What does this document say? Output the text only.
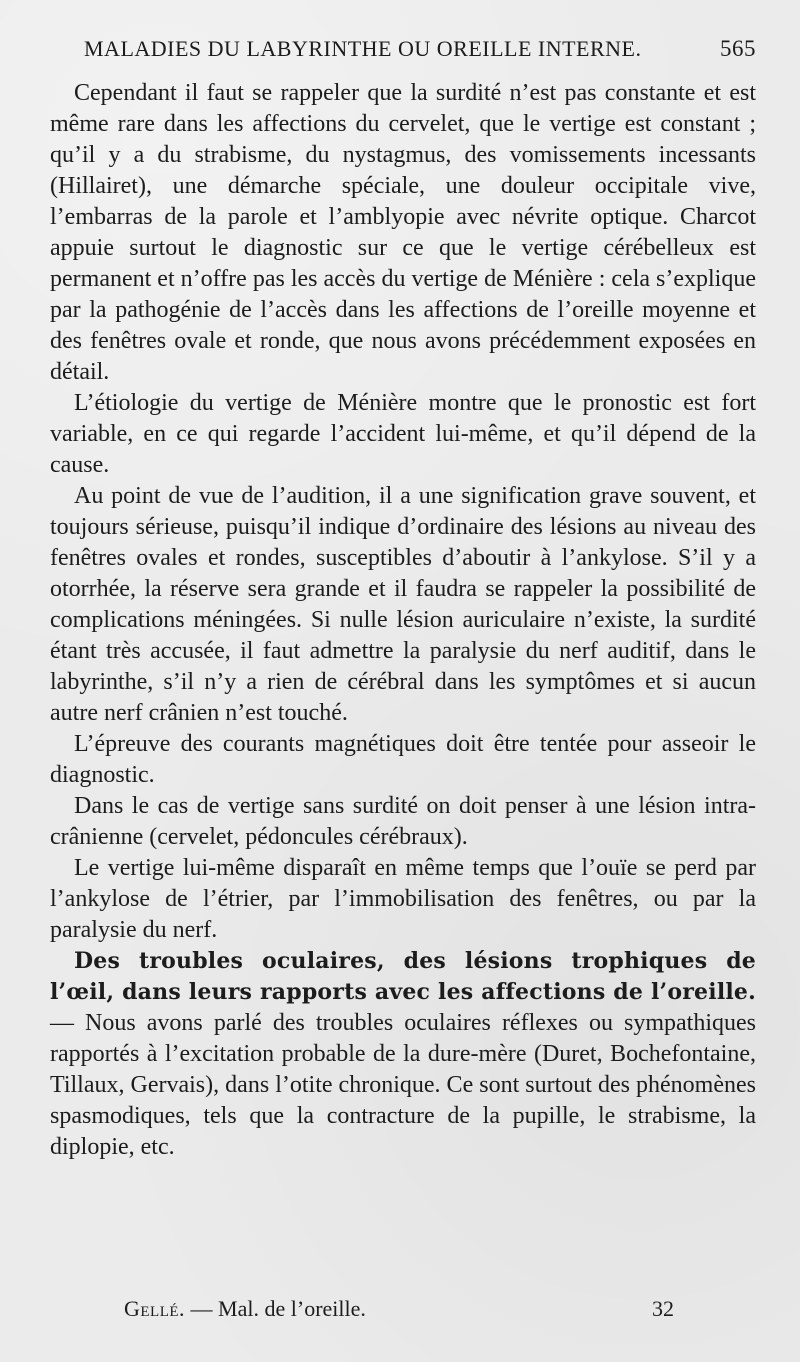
MALADIES DU LABYRINTHE OU OREILLE INTERNE.	565

Cependant il faut se rappeler que la surdité n’est pas constante et est même rare dans les affections du cervelet, que le vertige est constant ; qu’il y a du strabisme, du nystagmus, des vomissements incessants (Hillairet), une démarche spéciale, une douleur occipitale vive, l’embarras de la parole et l’amblyopie avec névrite optique. Charcot appuie surtout le diagnostic sur ce que le vertige cérébelleux est permanent et n’offre pas les accès du vertige de Ménière : cela s’explique par la pathogénie de l’accès dans les affections de l’oreille moyenne et des fenêtres ovale et ronde, que nous avons précédemment exposées en détail.

L’étiologie du vertige de Ménière montre que le pronostic est fort variable, en ce qui regarde l’accident lui-même, et qu’il dépend de la cause.

Au point de vue de l’audition, il a une signification grave souvent, et toujours sérieuse, puisqu’il indique d’ordinaire des lésions au niveau des fenêtres ovales et rondes, susceptibles d’aboutir à l’ankylose. S’il y a otorrhée, la réserve sera grande et il faudra se rappeler la possibilité de complications méningées. Si nulle lésion auriculaire n’existe, la surdité étant très accusée, il faut admettre la paralysie du nerf auditif, dans le labyrinthe, s’il n’y a rien de cérébral dans les symptômes et si aucun autre nerf crânien n’est touché.

L’épreuve des courants magnétiques doit être tentée pour asseoir le diagnostic.

Dans le cas de vertige sans surdité on doit penser à une lésion intra-crânienne (cervelet, pédoncules cérébraux).

Le vertige lui-même disparaît en même temps que l’ouïe se perd par l’ankylose de l’étrier, par l’immobilisation des fenêtres, ou par la paralysie du nerf.

Des troubles oculaires, des lésions trophiques de l’œil, dans leurs rapports avec les affections de l’oreille. — Nous avons parlé des troubles oculaires réflexes ou sympathiques rapportés à l’excitation probable de la dure-mère (Duret, Bochefontaine, Tillaux, Gervais), dans l’otite chronique. Ce sont surtout des phénomènes spasmodiques, tels que la contracture de la pupille, le strabisme, la diplopie, etc.

Gellé. — Mal. de l’oreille.	32
